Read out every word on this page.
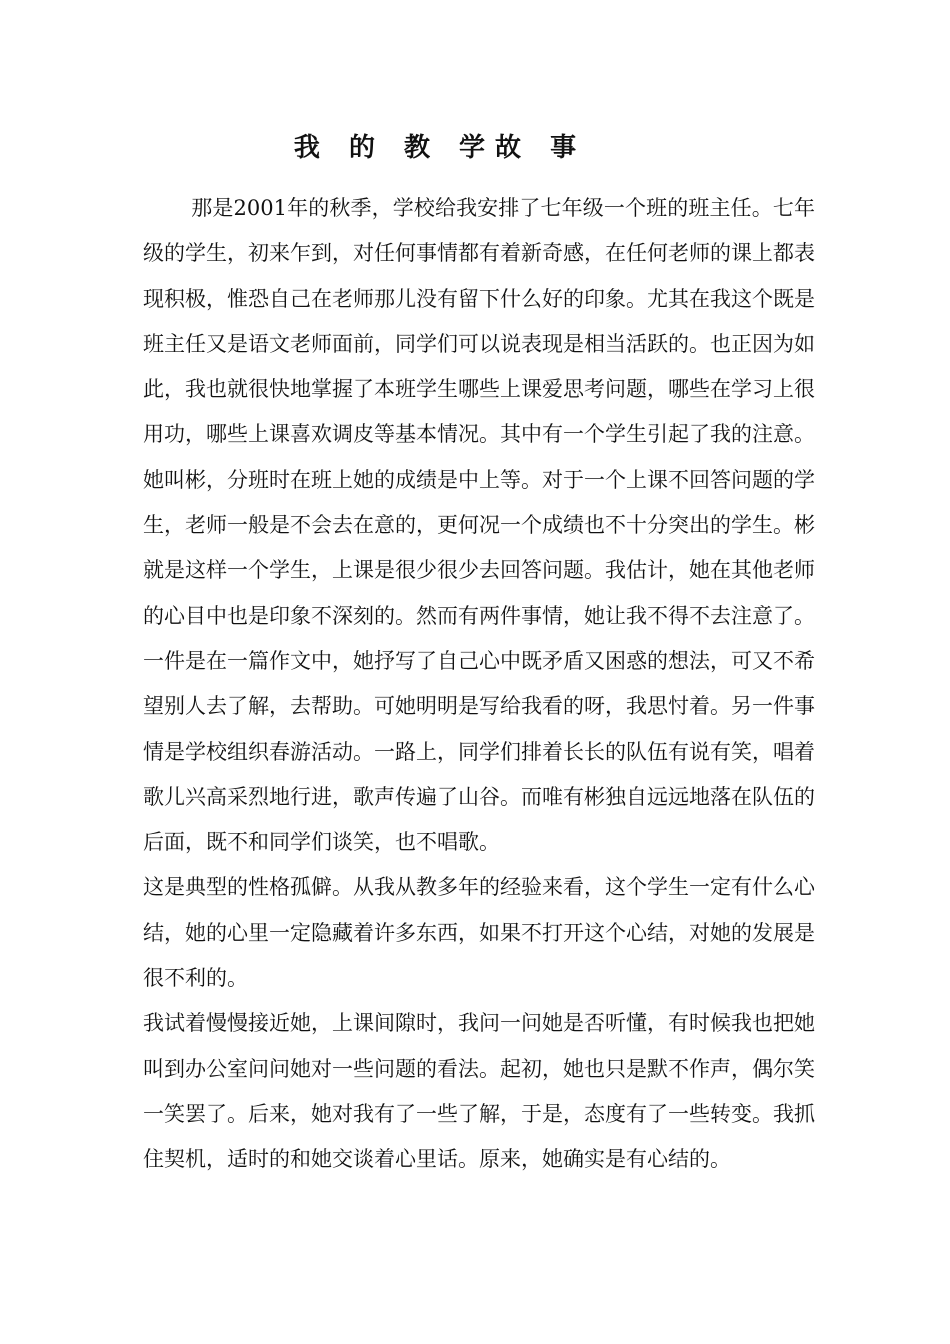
我 的 教 学故 事

那是2001年的秋季，学校给我安排了七年级一个班的班主任。七年级的学生，初来乍到，对任何事情都有着新奇感，在任何老师的课上都表现积极，惟恐自己在老师那儿没有留下什么好的印象。尤其在我这个既是班主任又是语文老师面前，同学们可以说表现是相当活跃的。也正因为如此，我也就很快地掌握了本班学生哪些上课爱思考问题，哪些在学习上很用功，哪些上课喜欢调皮等基本情况。其中有一个学生引起了我的注意。她叫彬，分班时在班上她的成绩是中上等。对于一个上课不回答问题的学生，老师一般是不会去在意的，更何况一个成绩也不十分突出的学生。彬就是这样一个学生，上课是很少很少去回答问题。我估计，她在其他老师的心目中也是印象不深刻的。然而有两件事情，她让我不得不去注意了。一件是在一篇作文中，她抒写了自己心中既矛盾又困惑的想法，可又不希望别人去了解，去帮助。可她明明是写给我看的呀，我思忖着。另一件事情是学校组织春游活动。一路上，同学们排着长长的队伍有说有笑，唱着歌儿兴高采烈地行进，歌声传遍了山谷。而唯有彬独自远远地落在队伍的后面，既不和同学们谈笑，也不唱歌。

这是典型的性格孤僻。从我从教多年的经验来看，这个学生一定有什么心结，她的心里一定隐藏着许多东西，如果不打开这个心结，对她的发展是很不利的。

我试着慢慢接近她，上课间隙时，我问一问她是否听懂，有时候我也把她叫到办公室问问她对一些问题的看法。起初，她也只是默不作声，偶尔笑一笑罢了。后来，她对我有了一些了解，于是，态度有了一些转变。我抓住契机，适时的和她交谈着心里话。原来，她确实是有心结的。
